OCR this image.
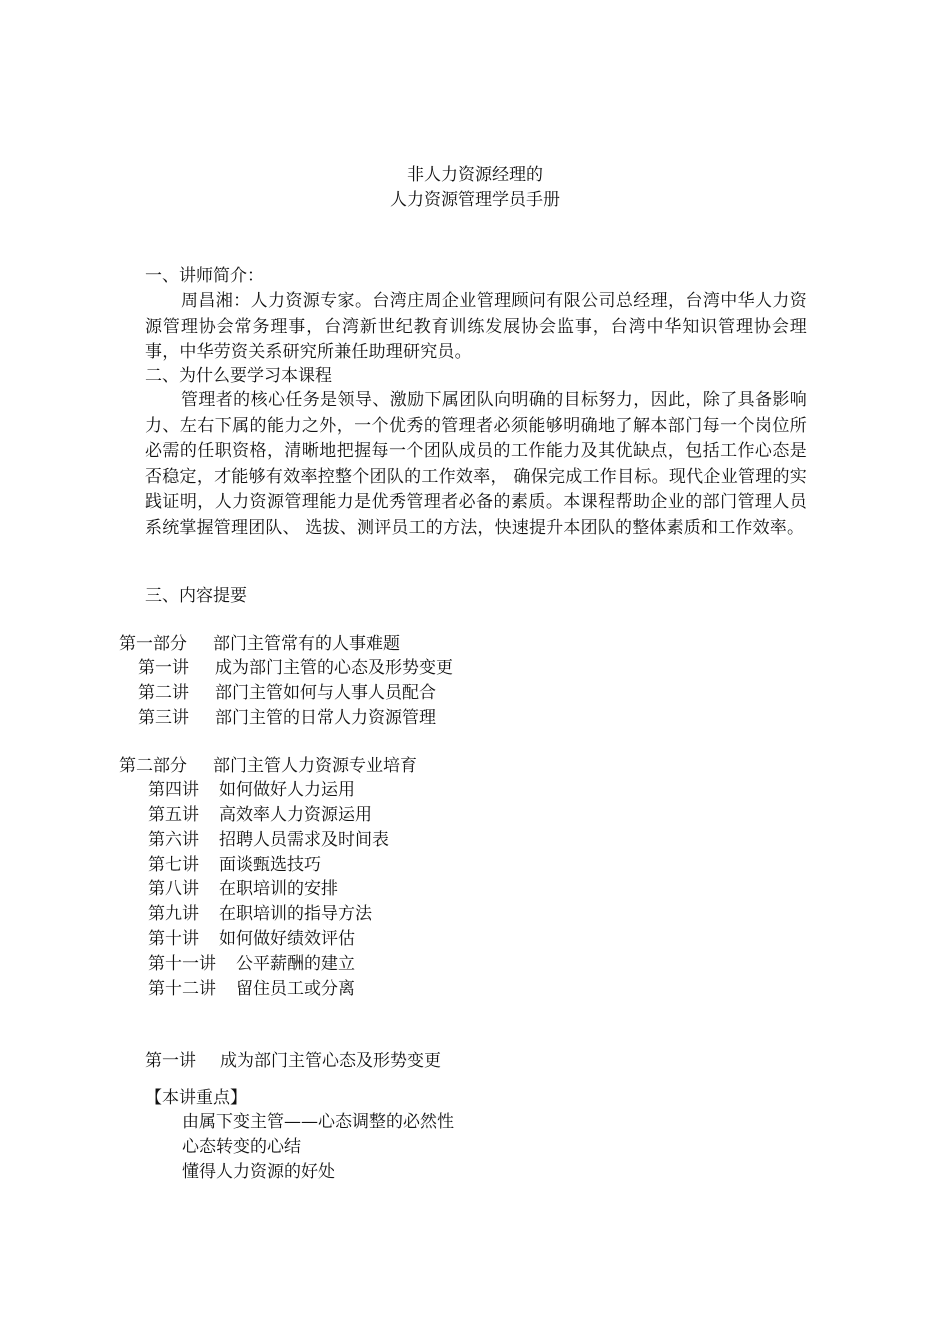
非人力资源经理的
人力资源管理学员手册
一、讲师简介：
周昌湘：人力资源专家。台湾庄周企业管理顾问有限公司总经理，台湾中华人力资源管理协会常务理事，台湾新世纪教育训练发展协会监事，台湾中华知识管理协会理事，中华劳资关系研究所兼任助理研究员。
二、为什么要学习本课程
管理者的核心任务是领导、激励下属团队向明确的目标努力，因此，除了具备影响力、左右下属的能力之外，一个优秀的管理者必须能够明确地了解本部门每一个岗位所必需的任职资格，清晰地把握每一个团队成员的工作能力及其优缺点，包括工作心态是否稳定，才能够有效率控整个团队的工作效率， 确保完成工作目标。现代企业管理的实践证明，人力资源管理能力是优秀管理者必备的素质。本课程帮助企业的部门管理人员系统掌握管理团队、 选拔、测评员工的方法，快速提升本团队的整体素质和工作效率。
三、内容提要
第一部分 部门主管常有的人事难题
第一讲 成为部门主管的心态及形势变更
第二讲 部门主管如何与人事人员配合
第三讲 部门主管的日常人力资源管理
第二部分 部门主管人力资源专业培育
第四讲 如何做好人力运用
第五讲 高效率人力资源运用
第六讲 招聘人员需求及时间表
第七讲 面谈甄选技巧
第八讲 在职培训的安排
第九讲 在职培训的指导方法
第十讲 如何做好绩效评估
第十一讲 公平薪酬的建立
第十二讲 留住员工或分离
第一讲 成为部门主管心态及形势变更
【本讲重点】
由属下变主管——心态调整的必然性
心态转变的心结
懂得人力资源的好处
